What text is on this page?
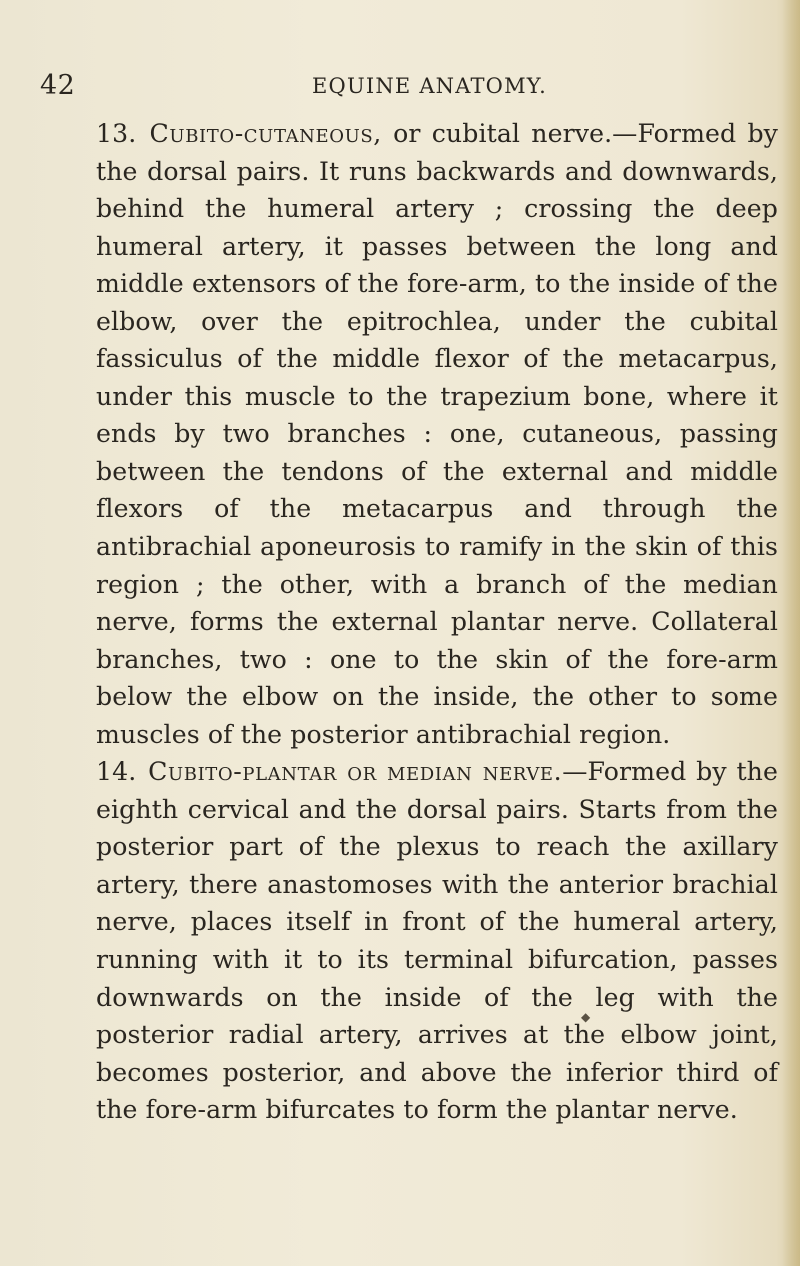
42	EQUINE ANATOMY.

13. Cubito-cutaneous, or cubital nerve.—Formed by the dorsal pairs. It runs backwards and downwards, behind the humeral artery ; crossing the deep humeral artery, it passes between the long and middle extensors of the fore-arm, to the inside of the elbow, over the epitrochlea, under the cubital fassiculus of the middle flexor of the metacarpus, under this muscle to the trapezium bone, where it ends by two branches : one, cutaneous, passing between the tendons of the external and middle flexors of the metacarpus and through the antibrachial aponeurosis to ramify in the skin of this region ; the other, with a branch of the median nerve, forms the external plantar nerve. Collateral branches, two : one to the skin of the fore-arm below the elbow on the inside, the other to some muscles of the posterior antibrachial region.

14. Cubito-plantar or median nerve.—Formed by the eighth cervical and the dorsal pairs. Starts from the posterior part of the plexus to reach the axillary artery, there anastomoses with the anterior brachial nerve, places itself in front of the humeral artery, running with it to its terminal bifurcation, passes downwards on the inside of the leg with the posterior radial artery, arrives at the elbow joint, becomes posterior, and above the inferior third of the fore-arm bifurcates to form the plantar nerve.

◆
